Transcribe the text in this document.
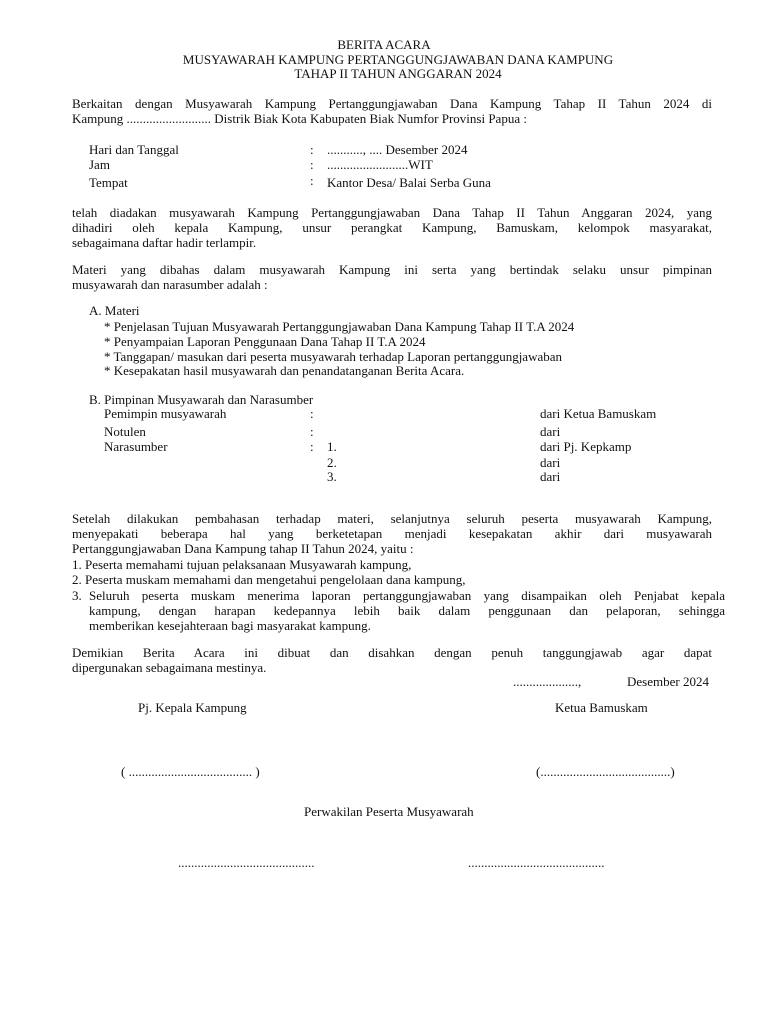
BERITA ACARA
MUSYAWARAH KAMPUNG PERTANGGUNGJAWABAN DANA KAMPUNG
TAHAP II TAHUN ANGGARAN 2024
Berkaitan dengan Musyawarah Kampung Pertanggungjawaban Dana Kampung Tahap II Tahun 2024 di
Kampung .......................... Distrik Biak Kota Kabupaten Biak Numfor Provinsi Papua :
Hari dan Tanggal	: ..........., .... Desember 2024
Jam	: .........................WIT
Tempat	: Kantor Desa/ Balai Serba Guna
telah diadakan musyawarah Kampung Pertanggungjawaban Dana Tahap II Tahun Anggaran 2024, yang
dihadiri oleh kepala Kampung, unsur perangkat Kampung, Bamuskam, kelompok masyarakat,
sebagaimana daftar hadir terlampir.
Materi yang dibahas dalam musyawarah Kampung ini serta yang bertindak selaku unsur pimpinan
musyawarah dan narasumber adalah :
A. Materi
* Penjelasan Tujuan Musyawarah Pertanggungjawaban Dana Kampung Tahap II T.A 2024
* Penyampaian Laporan Penggunaan Dana Tahap II T.A 2024
* Tanggapan/ masukan dari peserta musyawarah terhadap Laporan pertanggungjawaban
* Kesepakatan hasil musyawarah dan penandatanganan Berita Acara.
B. Pimpinan Musyawarah dan Narasumber
Pemimpin musyawarah	:	dari Ketua Bamuskam
Notulen	:	dari
Narasumber	: 1.	dari Pj. Kepkamp
2.	dari
3.	dari
Setelah dilakukan pembahasan terhadap materi, selanjutnya seluruh peserta musyawarah Kampung,
menyepakati beberapa hal yang berketetapan menjadi kesepakatan akhir dari musyawarah
Pertanggungjawaban Dana Kampung tahap II Tahun 2024, yaitu :
1. Peserta memahami tujuan pelaksanaan Musyawarah kampung,
2. Peserta muskam memahami dan mengetahui pengelolaan dana kampung,
3. Seluruh peserta muskam menerima laporan pertanggungjawaban yang disampaikan oleh Penjabat kepala
kampung, dengan harapan kedepannya lebih baik dalam penggunaan dan pelaporan, sehingga
memberikan kesejahteraan bagi masyarakat kampung.
Demikian Berita Acara ini dibuat dan disahkan dengan penuh tanggungjawab agar dapat
dipergunakan sebagaimana mestinya.
....................,	Desember 2024
Pj. Kepala Kampung	Ketua Bamuskam
( ...................................... )	(........................................)
Perwakilan Peserta Musyawarah
..........................................	..........................................
